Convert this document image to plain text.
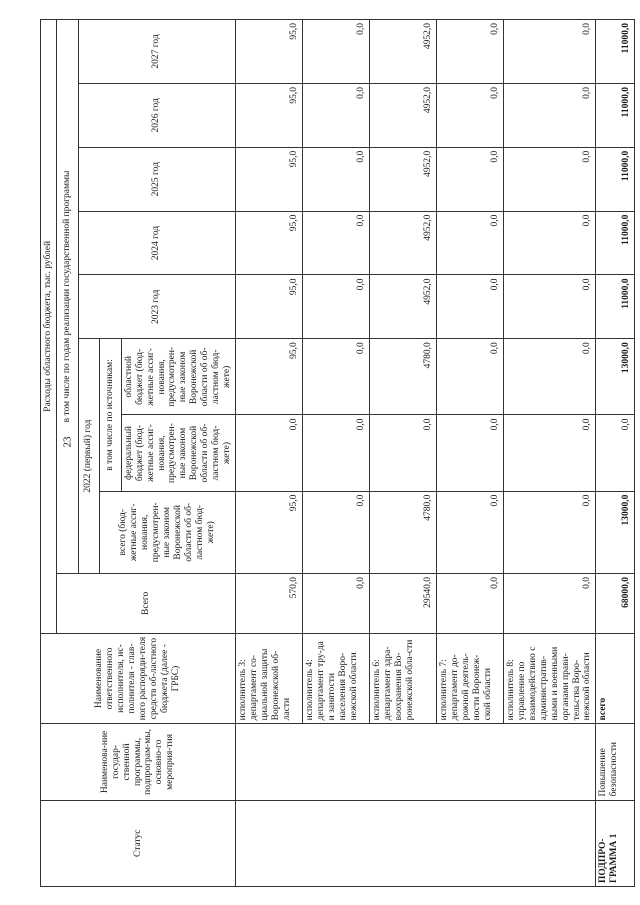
23
Статус	Наименова-ние государ-ственной программы, подпрограм-мы, основно-го мероприя-тия	Наименование ответственного исполнителя, ис-полнителя - глав-ного распоряди-теля средств об-ластного бюджета (далее - ГРБС)	Расходы областного бюджета, тыс. рублей								
			Всего	в том числе по годам реализации государственной программы							
				2022 (первый) год			2023 год	2024 год	2025 год	2026 год	2027 год
				всего (бюд-жетные ассиг-нования, предусмотрен-ные законом Воронежской области об об-ластном бюд-жете)	в том числе по источникам:						
					федеральный бюджет (бюд-жетные ассиг-нования, предусмотрен-ные законом Воронежской области об об-ластном бюд-жете)	областной бюджет (бюд-жетные ассиг-нования, предусмотрен-ные законом Воронежской области об об-ластном бюд-жете)					
		исполнитель 3: департамент со-циальной защиты Воронежской об-ласти	570,0	95,0	0,0	95,0	95,0	95,0	95,0	95,0	95,0
		исполнитель 4: департамент тру-да и занятости населения Воро-нежской области	0,0	0,0	0,0	0,0	0,0	0,0	0,0	0,0	0,0
		исполнитель 6: департамент здра-воохранения Во-ронежской обла-сти	29540,0	4780,0	0,0	4780,0	4952,0	4952,0	4952,0	4952,0	4952,0
		исполнитель 7: департамент до-рожной деятель-ности Воронеж-ской области	0,0	0,0	0,0	0,0	0,0	0,0	0,0	0,0	0,0
		исполнитель 8: управление по взаимодействию с административ-ными и военными органами прави-тельства Воро-нежской области	0,0	0,0	0,0	0,0	0,0	0,0	0,0	0,0	0,0
ПОДПРО-ГРАММА 1	Повышение безопасности	всего	68000,0	13000,0	0,0	13000,0	11000,0	11000,0	11000,0	11000,0	11000,0
